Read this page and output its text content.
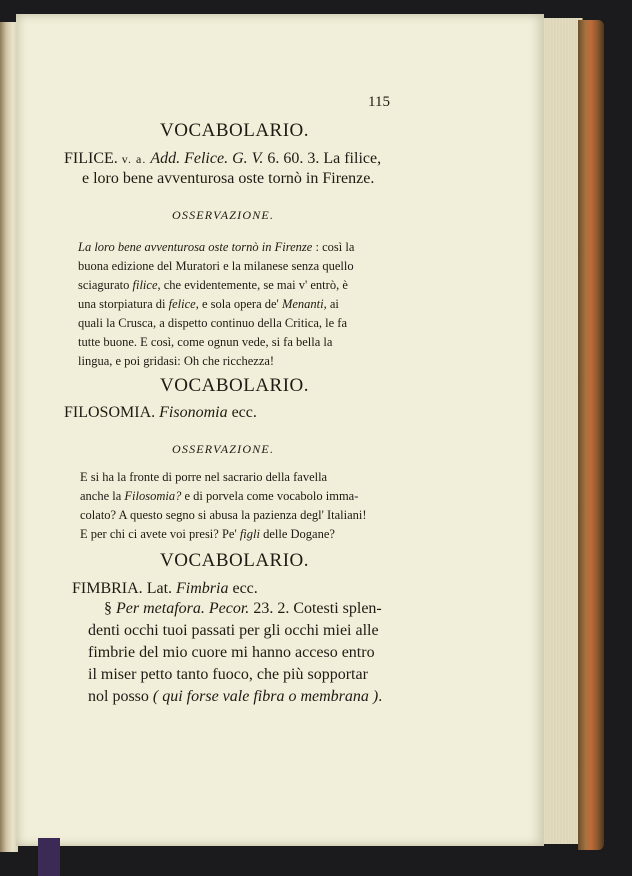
115
VOCABOLARIO.
FILICE. v. a. Add. Felice. G. V. 6. 60. 3. La filice,
e loro bene avventurosa oste tornò in Firenze.
OSSERVAZIONE.
La loro bene avventurosa oste tornò in Firenze : così la
buona edizione del Muratori e la milanese senza quello
sciagurato filice, che evidentemente, se mai v' entrò, è
una storpiatura di felice, e sola opera de' Menanti, ai
quali la Crusca, a dispetto continuo della Critica, le fa
tutte buone. E così, come ognun vede, si fa bella la
lingua, e poi gridasi: Oh che ricchezza!
VOCABOLARIO.
FILOSOMIA. Fisonomia ecc.
OSSERVAZIONE.
E si ha la fronte di porre nel sacrario della favella
anche la Filosomia? e di porvela come vocabolo imma-
colato? A questo segno si abusa la pazienza degl' Italiani!
E per chi ci avete voi presi? Pe' figli delle Dogane?
VOCABOLARIO.
FIMBRIA. Lat. Fimbria ecc.
§ Per metafora. Pecor. 23. 2. Cotesti splen-
denti occhi tuoi passati per gli occhi miei alle
fimbrie del mio cuore mi hanno acceso entro
il miser petto tanto fuoco, che più sopportar
nol posso ( qui forse vale fibra o membrana ).
